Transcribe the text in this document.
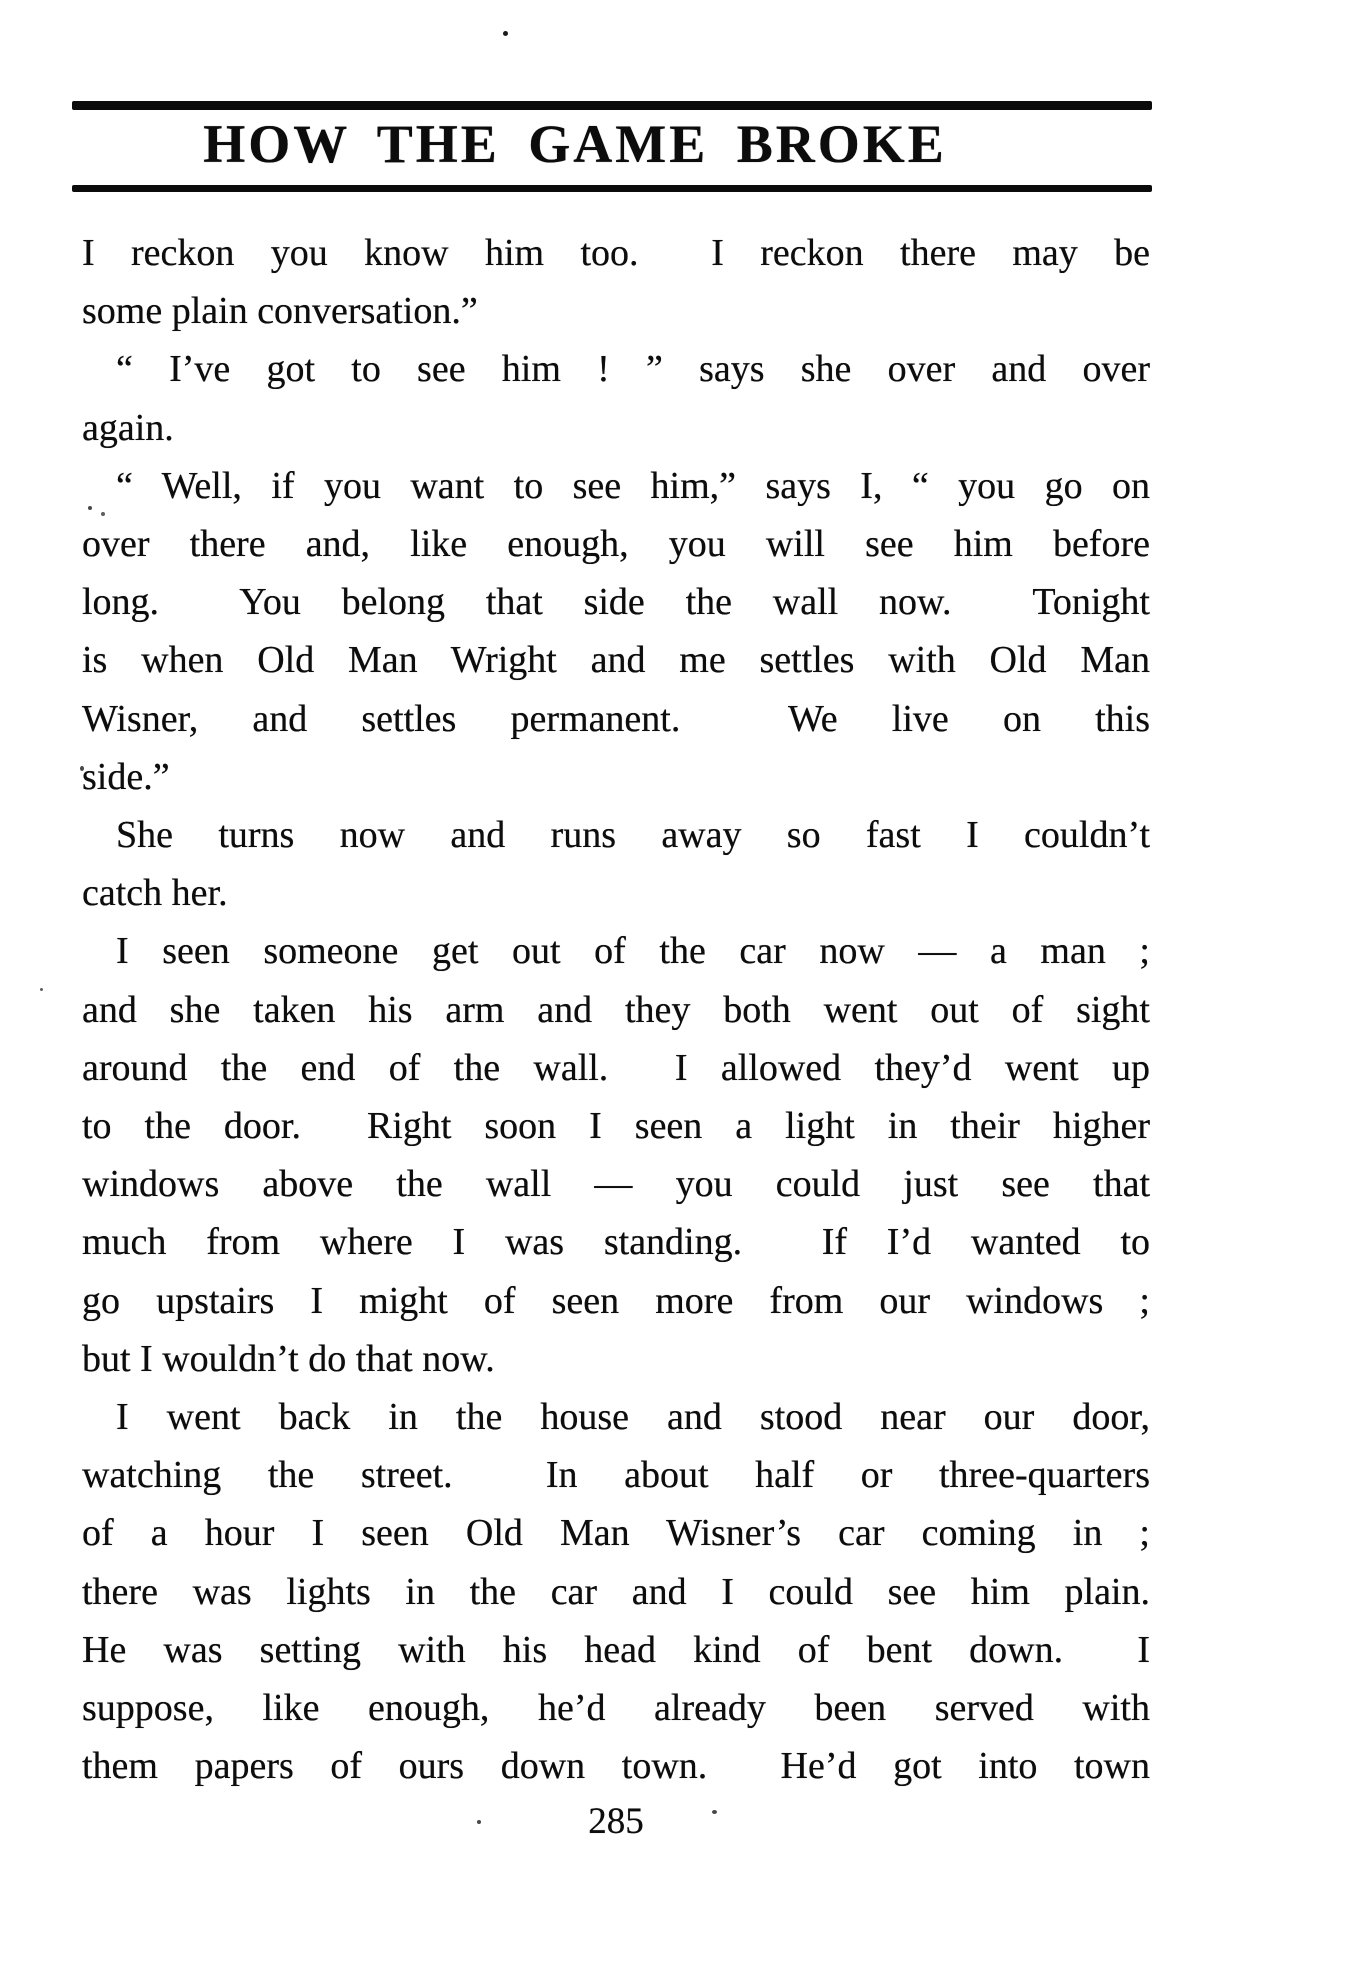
HOW THE GAME BROKE
I reckon you know him too.  I reckon there may be
some plain conversation.”
“ I’ve got to see him ! ” says she over and over
again.
“ Well, if you want to see him,” says I, “ you go on
over there and, like enough, you will see him before
long.  You belong that side the wall now.  Tonight
is when Old Man Wright and me settles with Old Man
Wisner, and settles permanent.  We live on this
side.”
She turns now and runs away so fast I couldn’t
catch her.
I seen someone get out of the car now — a man ;
and she taken his arm and they both went out of sight
around the end of the wall.  I allowed they’d went up
to the door.  Right soon I seen a light in their higher
windows above the wall — you could just see that
much from where I was standing.  If I’d wanted to
go upstairs I might of seen more from our windows ;
but I wouldn’t do that now.
I went back in the house and stood near our door,
watching the street.  In about half or three-quarters
of a hour I seen Old Man Wisner’s car coming in ;
there was lights in the car and I could see him plain.
He was setting with his head kind of bent down.  I
suppose, like enough, he’d already been served with
them papers of ours down town.  He’d got into town
285
